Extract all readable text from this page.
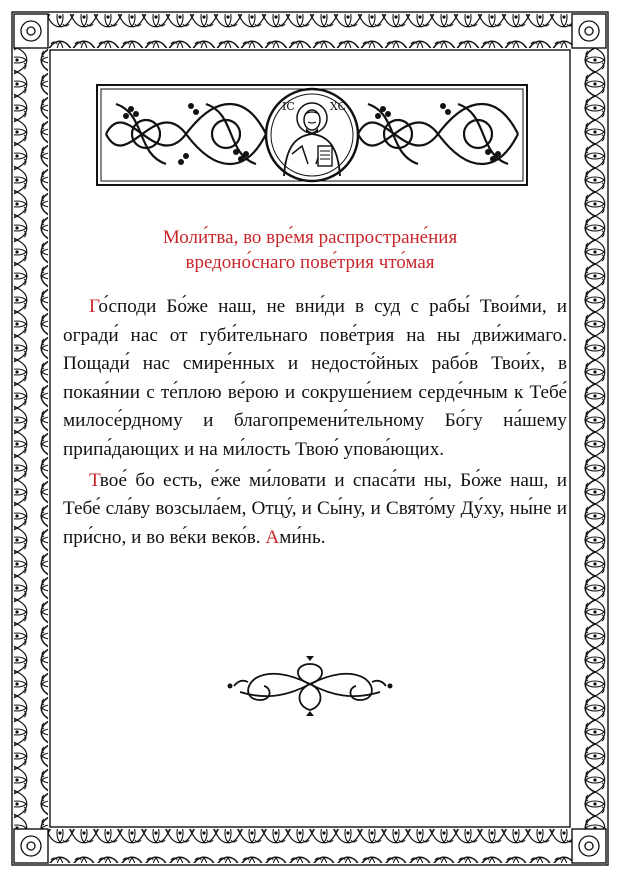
IC	XC
Моли́тва, во вре́мя распростране́ния
вредоно́снаго пове́трия что́мая

Го́споди Бо́же наш, не вни́ди в суд с рабы́ Твои́ми, и огради́ нас от губи́тельнаго пове́трия на ны дви́жимаго. Пощади́ нас смире́нных и недосто́йных рабо́в Твои́х, в покая́нии с те́плою ве́рою и сокруше́нием серде́чным к Тебе́ милосе́рдному и благопремени́тельному Бо́гу на́шему припа́дающих и на ми́лость Твою́ упова́ющих.

Твое́ бо есть, е́же ми́ловати и спаса́ти ны, Бо́же наш, и Тебе́ сла́ву возсыла́ем, Отцу́, и Сы́ну, и Свято́му Ду́ху, ны́не и при́сно, и во ве́ки веко́в. Ами́нь.
